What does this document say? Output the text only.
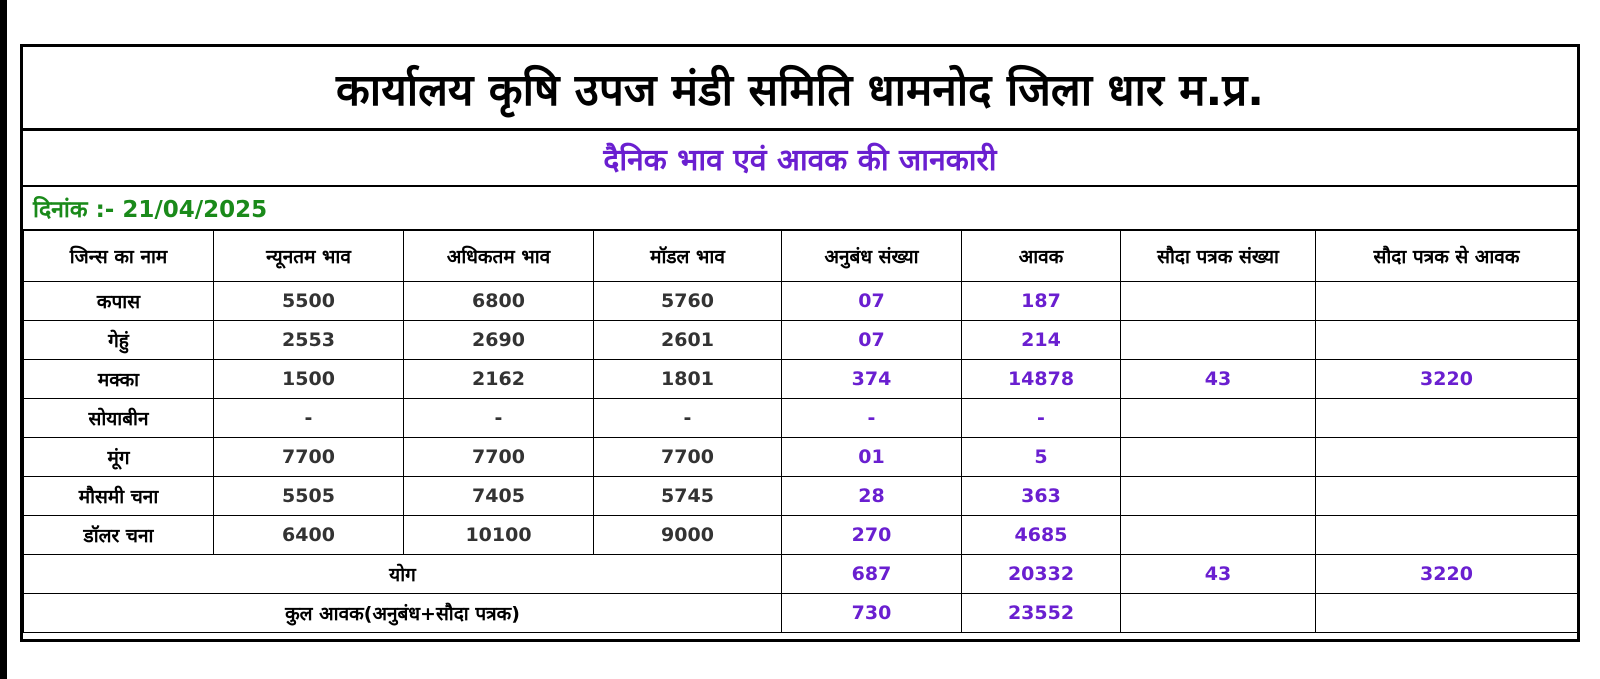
कार्यालय कृषि उपज मंडी समिति धामनोद जिला धार म.प्र.
दैनिक भाव एवं आवक की जानकारी
दिनांक :- 21/04/2025
जिन्स का नाम	न्यूनतम भाव	अधिकतम भाव	मॉडल भाव	अनुबंध संख्या	आवक	सौदा पत्रक संख्या	सौदा पत्रक से आवक
कपास	5500	6800	5760	07	187		
गेहुं	2553	2690	2601	07	214		
मक्का	1500	2162	1801	374	14878	43	3220
सोयाबीन	-	-	-	-	-		
मूंग	7700	7700	7700	01	5		
मौसमी चना	5505	7405	5745	28	363		
डॉलर चना	6400	10100	9000	270	4685		
योग				687	20332	43	3220
कुल आवक(अनुबंध+सौदा पत्रक)				730	23552		
